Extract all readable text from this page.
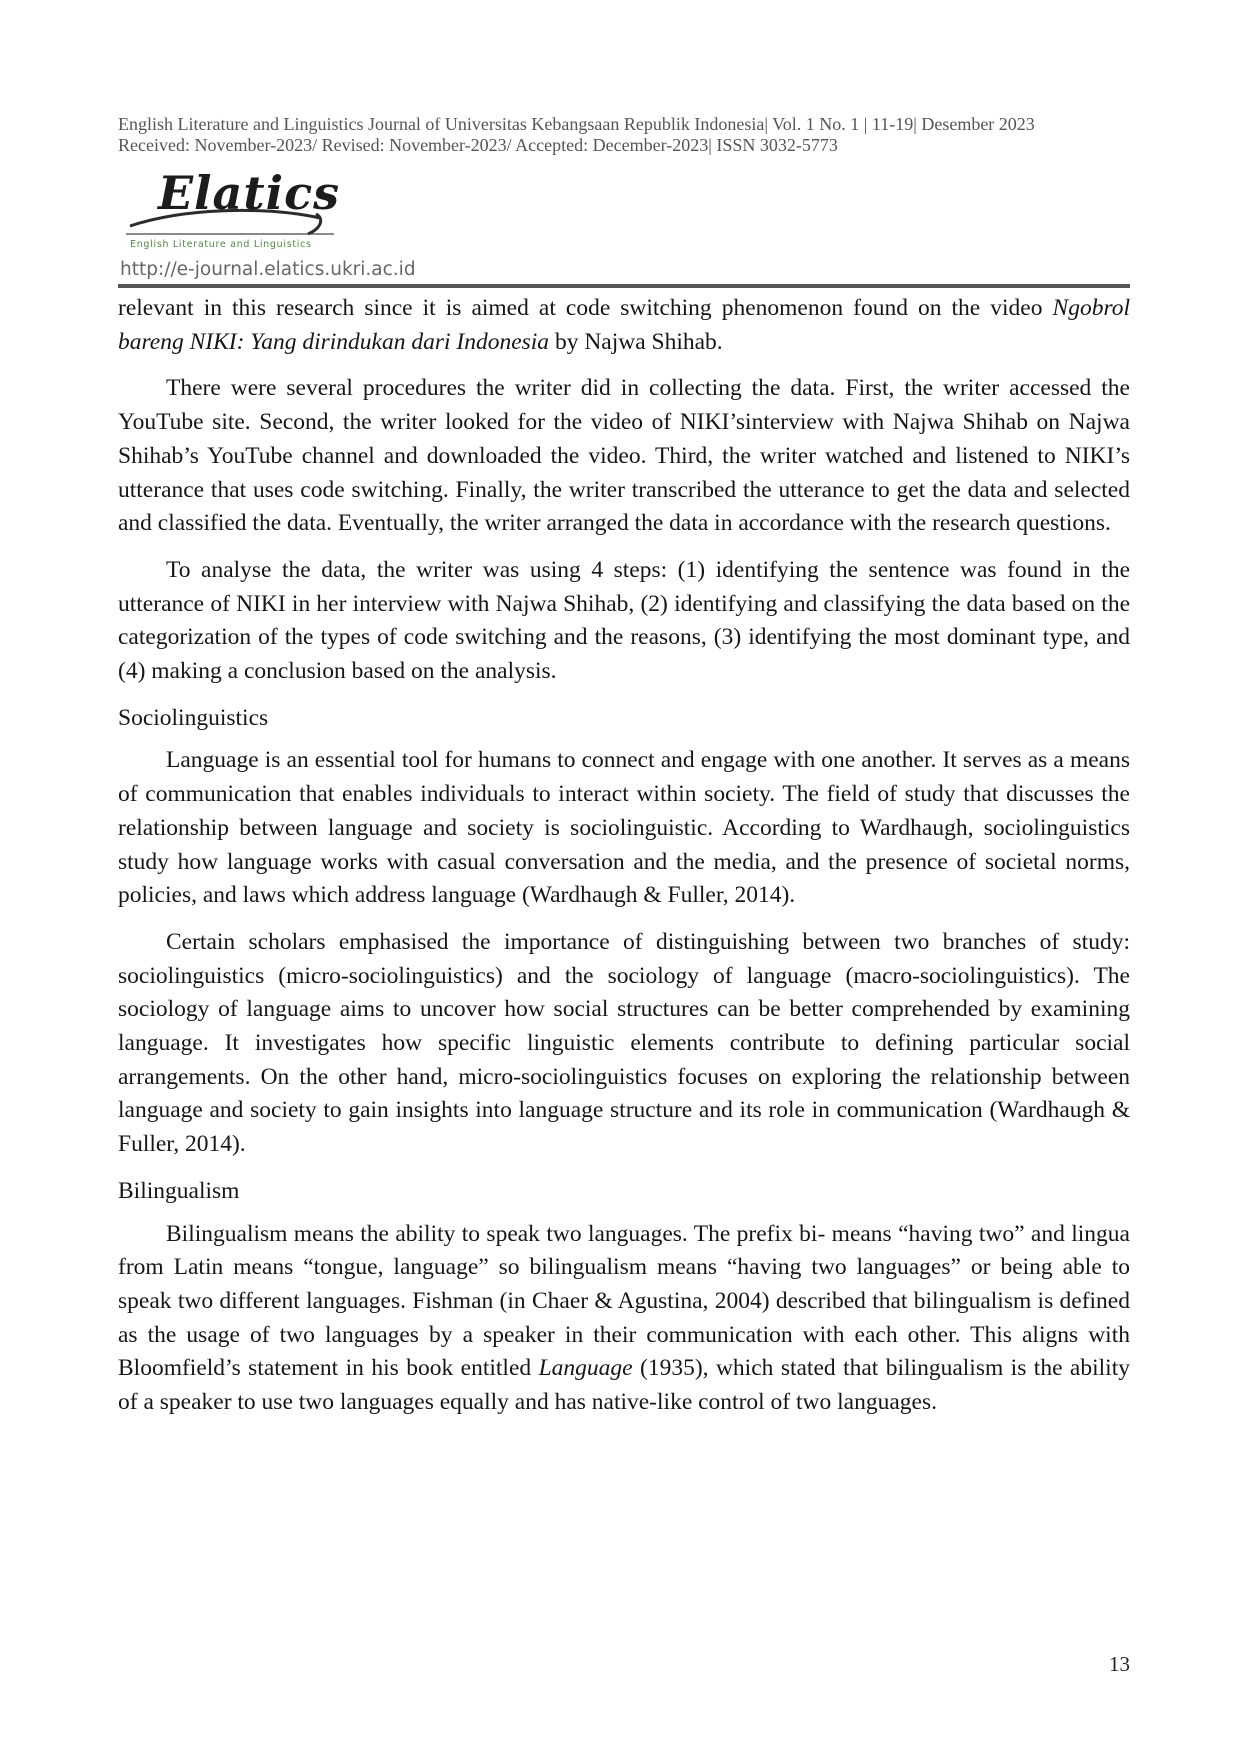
English Literature and Linguistics Journal of Universitas Kebangsaan Republik Indonesia| Vol. 1 No. 1 | 11-19| Desember 2023
Received: November-2023/ Revised: November-2023/ Accepted: December-2023| ISSN 3032-5773
Elatics
English Literature and Linguistics
http://e-journal.elatics.ukri.ac.id

relevant in this research since it is aimed at code switching phenomenon found on the video Ngobrol bareng NIKI: Yang dirindukan dari Indonesia by Najwa Shihab.

There were several procedures the writer did in collecting the data. First, the writer accessed the YouTube site. Second, the writer looked for the video of NIKI’sinterview with Najwa Shihab on Najwa Shihab’s YouTube channel and downloaded the video. Third, the writer watched and listened to NIKI’s utterance that uses code switching. Finally, the writer transcribed the utterance to get the data and selected and classified the data. Eventually, the writer arranged the data in accordance with the research questions.

To analyse the data, the writer was using 4 steps: (1) identifying the sentence was found in the utterance of NIKI in her interview with Najwa Shihab, (2) identifying and classifying the data based on the categorization of the types of code switching and the reasons, (3) identifying the most dominant type, and (4) making a conclusion based on the analysis.

Sociolinguistics

Language is an essential tool for humans to connect and engage with one another. It serves as a means of communication that enables individuals to interact within society. The field of study that discusses the relationship between language and society is sociolinguistic. According to Wardhaugh, sociolinguistics study how language works with casual conversation and the media, and the presence of societal norms, policies, and laws which address language (Wardhaugh & Fuller, 2014).

Certain scholars emphasised the importance of distinguishing between two branches of study: sociolinguistics (micro-sociolinguistics) and the sociology of language (macro-sociolinguistics). The sociology of language aims to uncover how social structures can be better comprehended by examining language. It investigates how specific linguistic elements contribute to defining particular social arrangements. On the other hand, micro-sociolinguistics focuses on exploring the relationship between language and society to gain insights into language structure and its role in communication (Wardhaugh & Fuller, 2014).

Bilingualism

Bilingualism means the ability to speak two languages. The prefix bi- means “having two” and lingua from Latin means “tongue, language” so bilingualism means “having two languages” or being able to speak two different languages. Fishman (in Chaer & Agustina, 2004) described that bilingualism is defined as the usage of two languages by a speaker in their communication with each other. This aligns with Bloomfield’s statement in his book entitled Language (1935), which stated that bilingualism is the ability of a speaker to use two languages equally and has native-like control of two languages.

13
